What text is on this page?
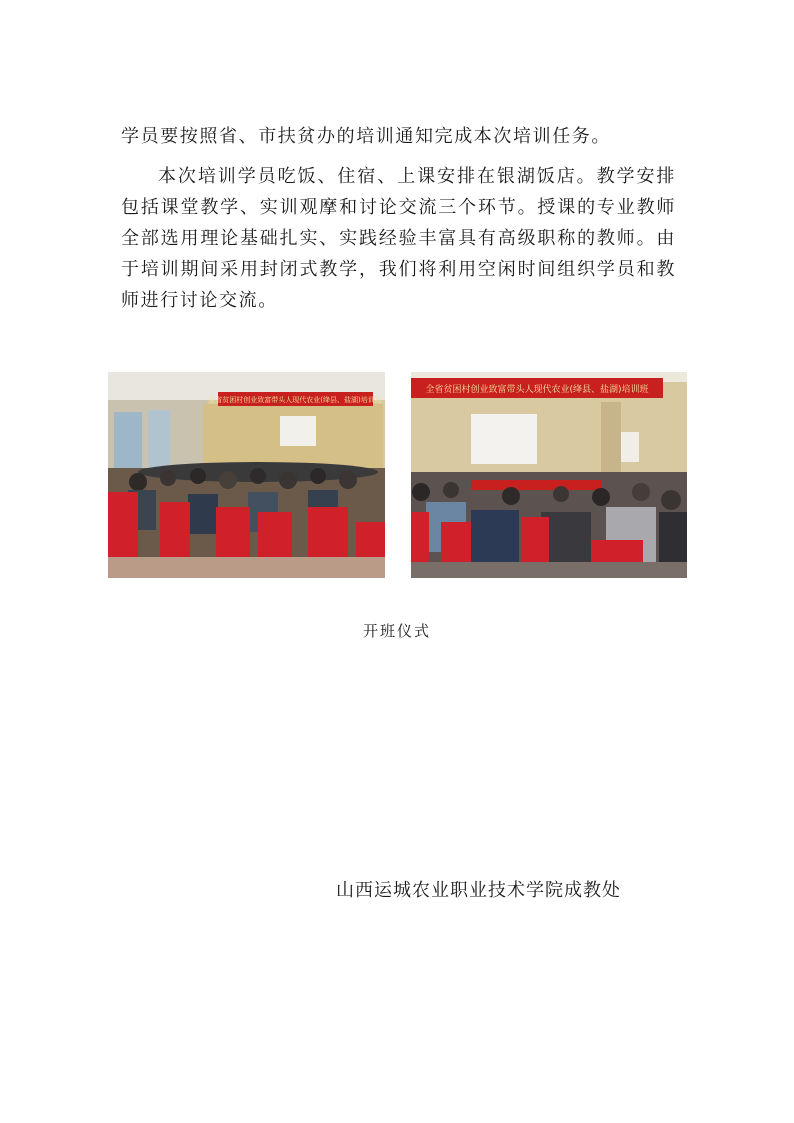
学员要按照省、市扶贫办的培训通知完成本次培训任务。

本次培训学员吃饭、住宿、上课安排在银湖饭店。教学安排包括课堂教学、实训观摩和讨论交流三个环节。授课的专业教师全部选用理论基础扎实、实践经验丰富具有高级职称的教师。由于培训期间采用封闭式教学，我们将利用空闲时间组织学员和教师进行讨论交流。

全省贫困村创业致富带头人现代农业(绛县、盐湖)培训班
全省贫困村创业致富带头人现代农业(绛县、盐湖)培训班
开班仪式
山西运城农业职业技术学院成教处
